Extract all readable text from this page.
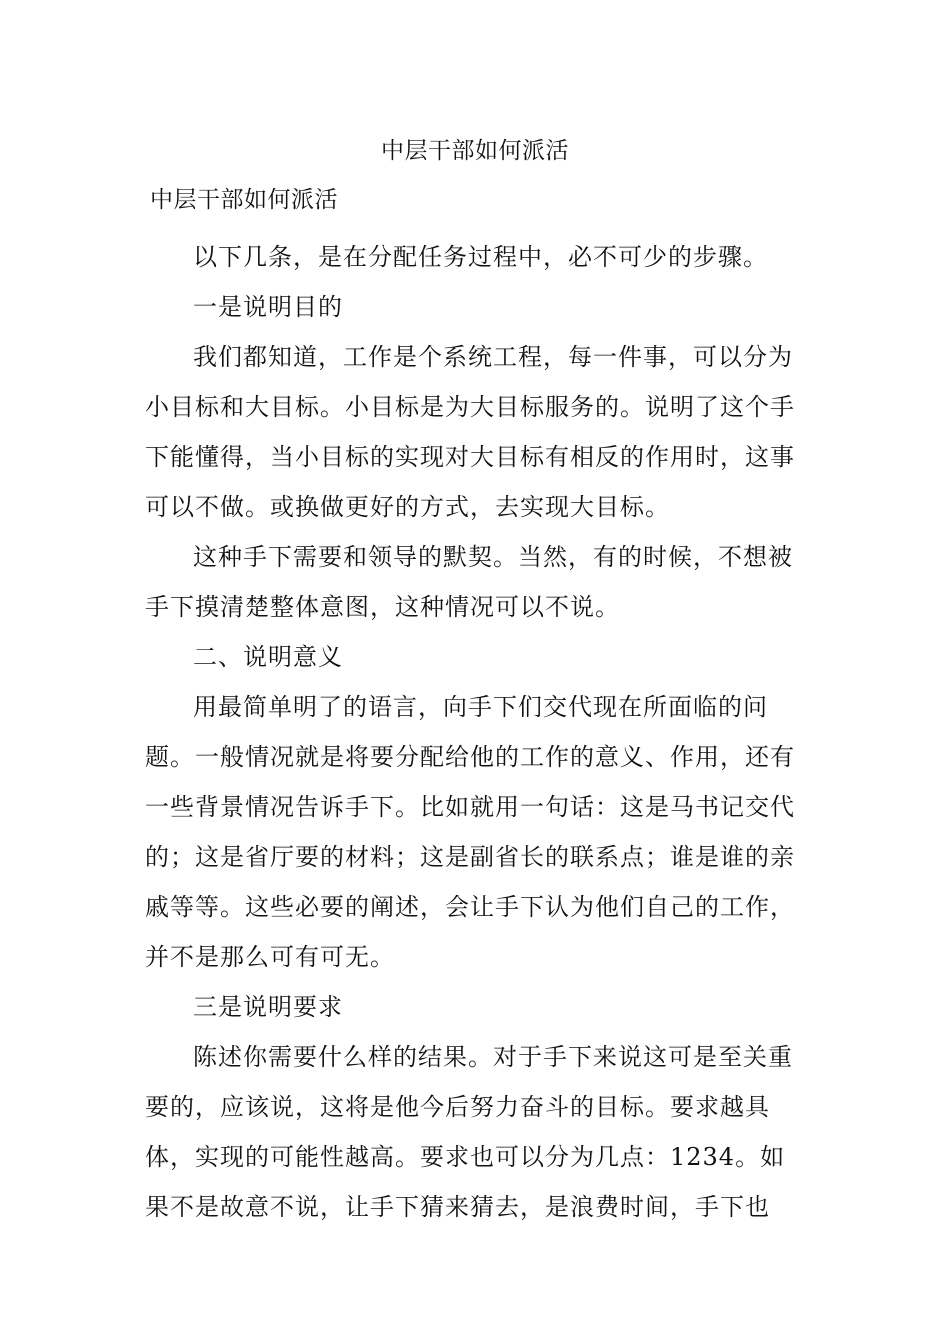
中层干部如何派活
中层干部如何派活

以下几条，是在分配任务过程中，必不可少的步骤。

一是说明目的

我们都知道，工作是个系统工程，每一件事，可以分为小目标和大目标。小目标是为大目标服务的。说明了这个手下能懂得，当小目标的实现对大目标有相反的作用时，这事可以不做。或换做更好的方式，去实现大目标。

这种手下需要和领导的默契。当然，有的时候，不想被手下摸清楚整体意图，这种情况可以不说。

二、说明意义

用最简单明了的语言，向手下们交代现在所面临的问题。一般情况就是将要分配给他的工作的意义、作用，还有一些背景情况告诉手下。比如就用一句话：这是马书记交代的；这是省厅要的材料；这是副省长的联系点；谁是谁的亲戚等等。这些必要的阐述，会让手下认为他们自己的工作，并不是那么可有可无。

三是说明要求

陈述你需要什么样的结果。对于手下来说这可是至关重要的，应该说，这将是他今后努力奋斗的目标。要求越具体，实现的可能性越高。要求也可以分为几点：1234。如果不是故意不说，让手下猜来猜去，是浪费时间，手下也
